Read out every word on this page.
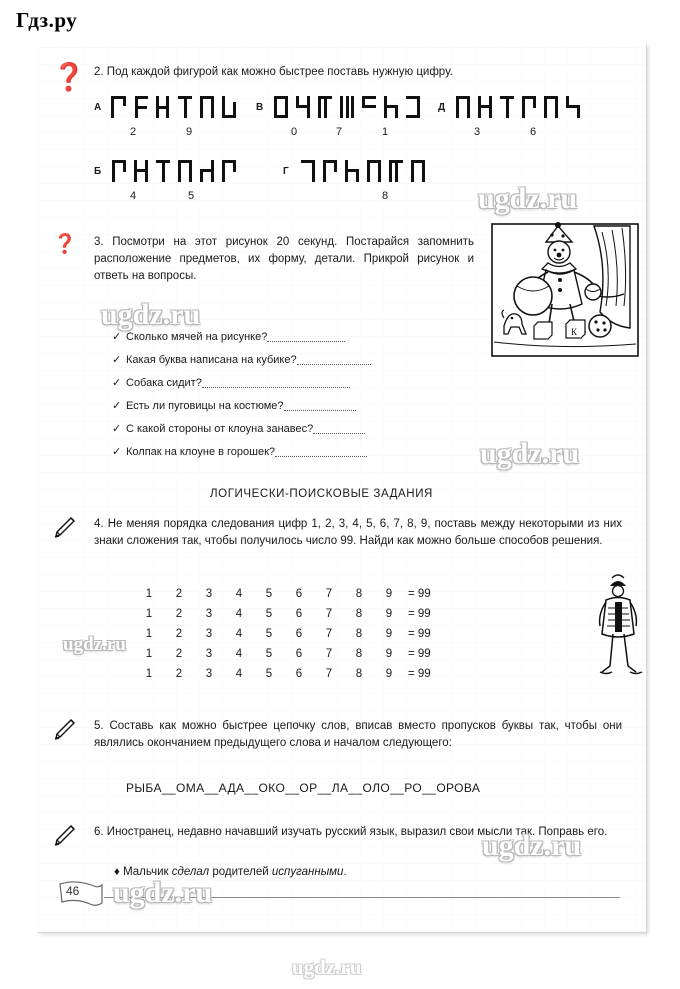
Гдз.ру
❓ 2. Под каждой фигурой как можно быстрее поставь нужную цифру.
А
2	9
В
0	7	1
Д
3	6
Б
4	5
Г
8
❓ 3. Посмотри на этот рисунок 20 секунд. Постарайся запомнить расположение предметов, их форму, детали. Прикрой рисунок и ответь на вопросы.
К
✓ Сколько мячей на рисунке?
✓ Какая буква написана на кубике?
✓ Собака сидит?
✓ Есть ли пуговицы на костюме?
✓ С какой стороны от клоуна занавес?
✓ Колпак на клоуне в горошек?
ЛОГИЧЕСКИ-ПОИСКОВЫЕ ЗАДАНИЯ
4. Не меняя порядка следования цифр 1, 2, 3, 4, 5, 6, 7, 8, 9, поставь между некоторыми из них знаки сложения так, чтобы получилось число 99. Найди как можно больше способов решения.
1	2	3	4	5	6	7	8	9	= 99
1	2	3	4	5	6	7	8	9	= 99
1	2	3	4	5	6	7	8	9	= 99
1	2	3	4	5	6	7	8	9	= 99
1	2	3	4	5	6	7	8	9	= 99
5. Составь как можно быстрее цепочку слов, вписав вместо пропусков буквы так, чтобы они являлись окончанием предыдущего слова и началом следующего:
РЫБА__ОМА__АДА__ОКО__ОР__ЛА__ОЛО__РО__ОРОВА
6. Иностранец, недавно начавший изучать русский язык, выразил свои мысли так. Поправь его.
♦ Мальчик сделал родителей испуганными.
46
ugdz.ru
ugdz.ru
ugdz.ru
ugdz.ru
ugdz.ru
ugdz.ru
ugdz.ru
